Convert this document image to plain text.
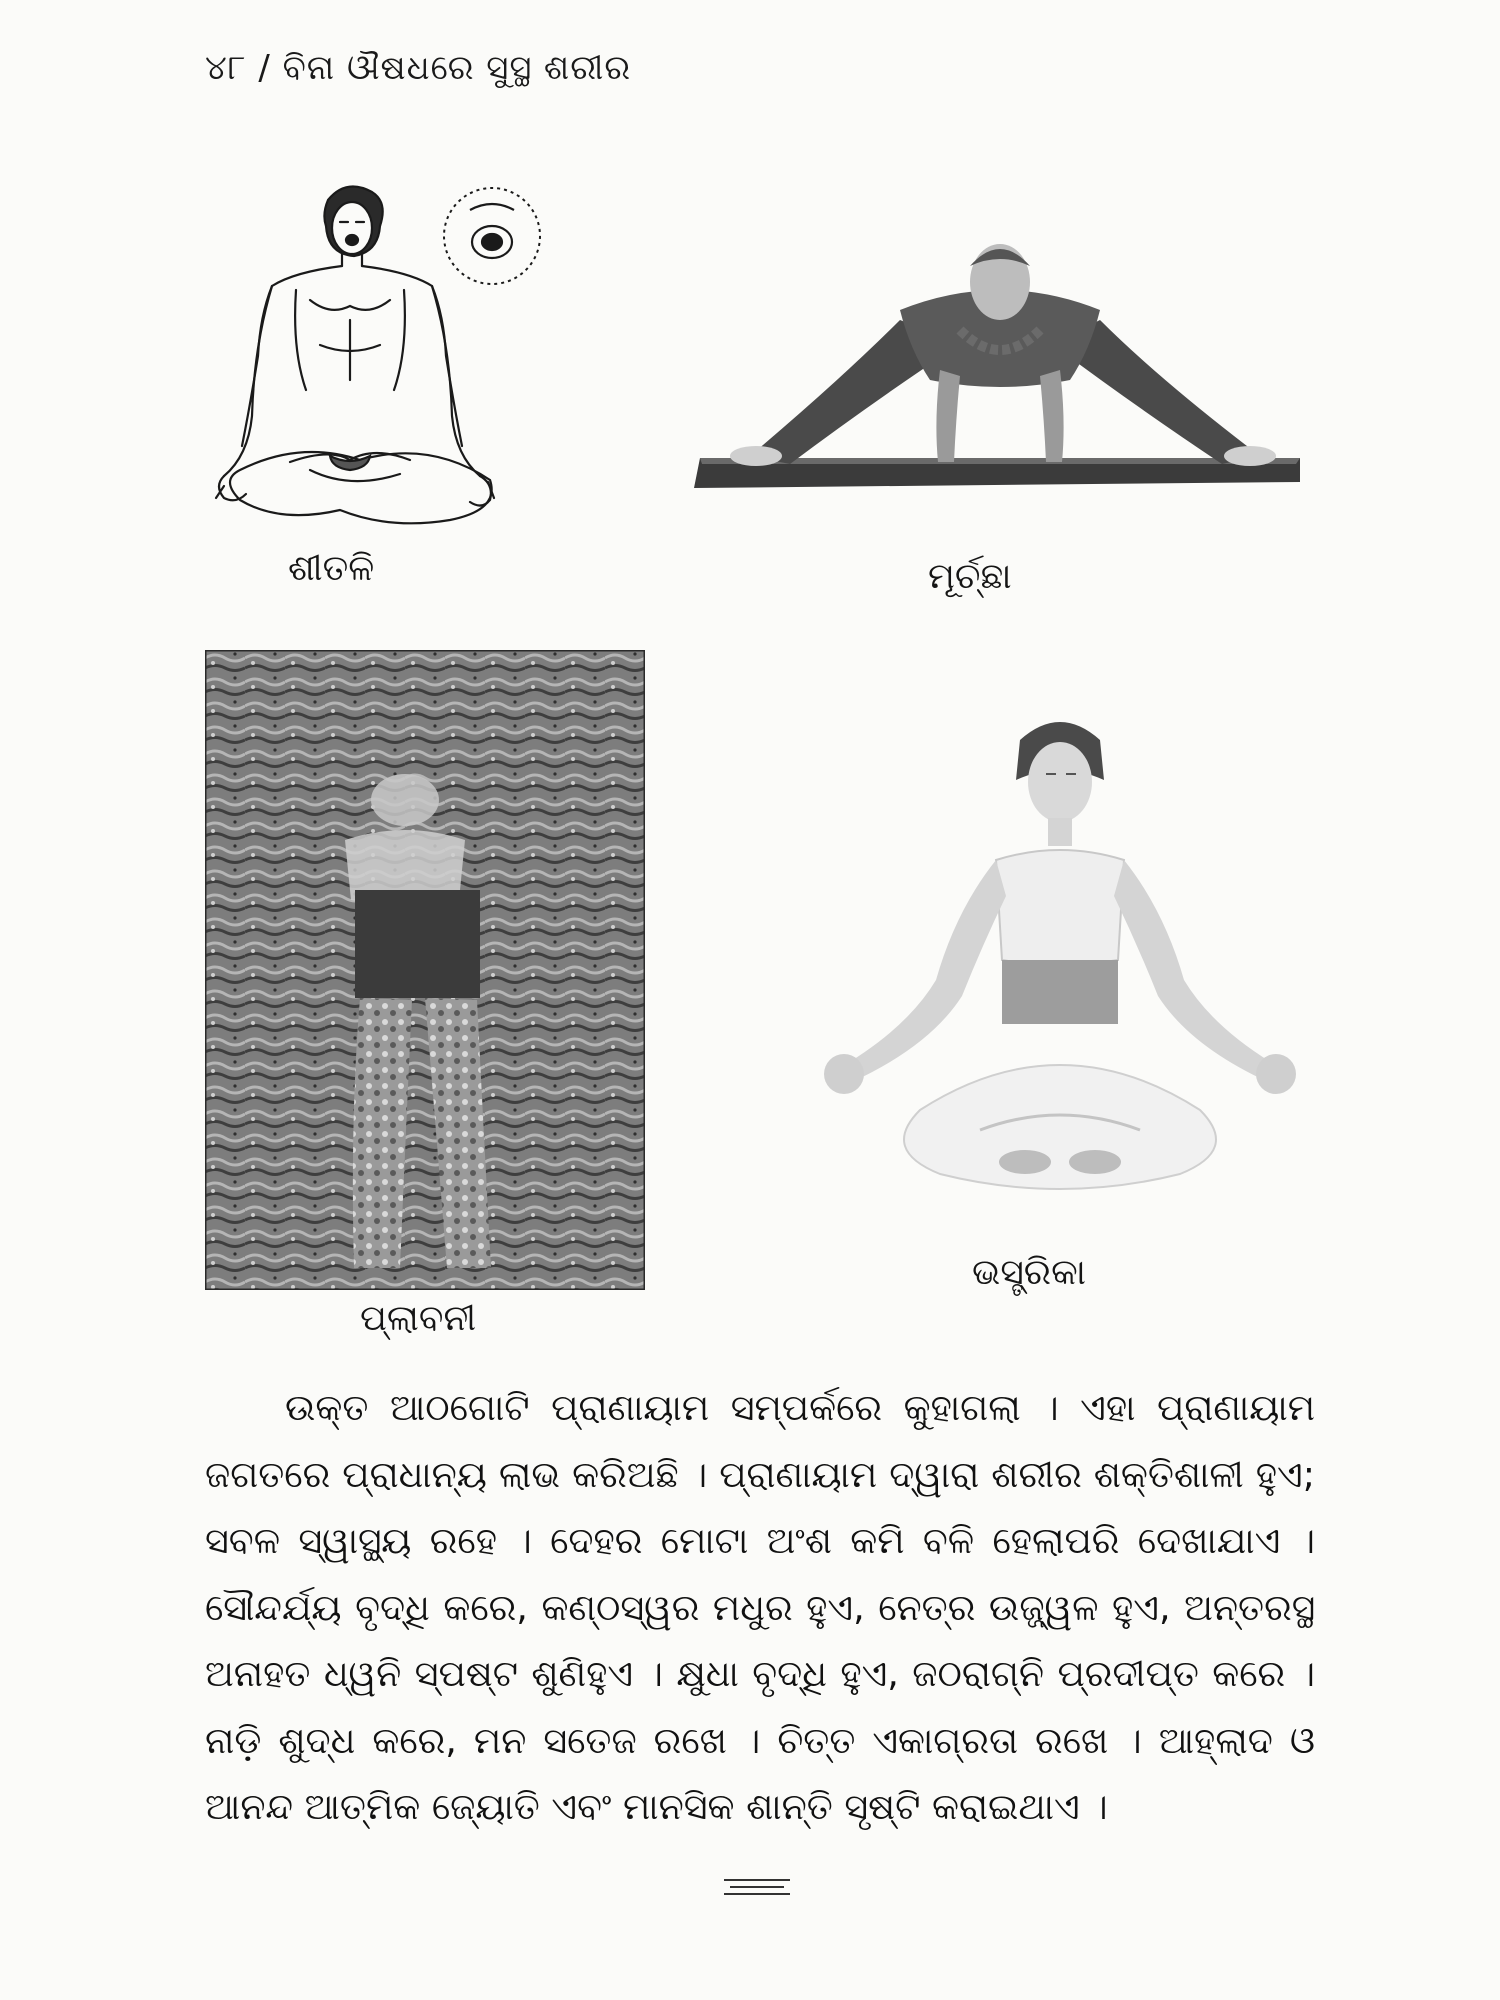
୪୮ / ବିନା ଔଷଧରେ ସୁସ୍ଥ ଶରୀର
ଶୀତଳି	ମୂର୍ଚ୍ଛା
ପ୍ଲାବନୀ
ଭସ୍ତ୍ରିକା

ଉକ୍ତ ଆଠଗୋଟି ପ୍ରାଣାୟାମ ସମ୍ପର୍କରେ କୁହାଗଲା । ଏହା ପ୍ରାଣାୟାମ ଜଗତରେ ପ୍ରାଧାନ୍ୟ ଲାଭ କରିଅଛି । ପ୍ରାଣାୟାମ ଦ୍ୱାରା ଶରୀର ଶକ୍ତିଶାଳୀ ହୁଏ; ସବଳ ସ୍ୱାସ୍ଥ୍ୟ ରହେ । ଦେହର ମୋଟା ଅଂଶ କମି ବଳି ହେଲାପରି ଦେଖାଯାଏ । ସୌନ୍ଦର୍ଯ୍ୟ ବୃଦ୍ଧି କରେ, କଣ୍ଠସ୍ୱର ମଧୁର ହୁଏ, ନେତ୍ର ଉଜ୍ଜ୍ୱଳ ହୁଏ, ଅନ୍ତରସ୍ଥ ଅନାହତ ଧ୍ୱନି ସ୍ପଷ୍ଟ ଶୁଣିହୁଏ । କ୍ଷୁଧା ବୃଦ୍ଧି ହୁଏ, ଜଠରାଗ୍ନି ପ୍ରଦୀପ୍ତ କରେ । ନାଡ଼ି ଶୁଦ୍ଧ କରେ, ମନ ସତେଜ ରଖେ । ଚିତ୍ତ ଏକାଗ୍ରତା ରଖେ । ଆହ୍ଲାଦ ଓ ଆନନ୍ଦ ଆତ୍ମିକ ଜ୍ୟୋତି ଏବଂ ମାନସିକ ଶାନ୍ତି ସୃଷ୍ଟି କରାଇଥାଏ ।
